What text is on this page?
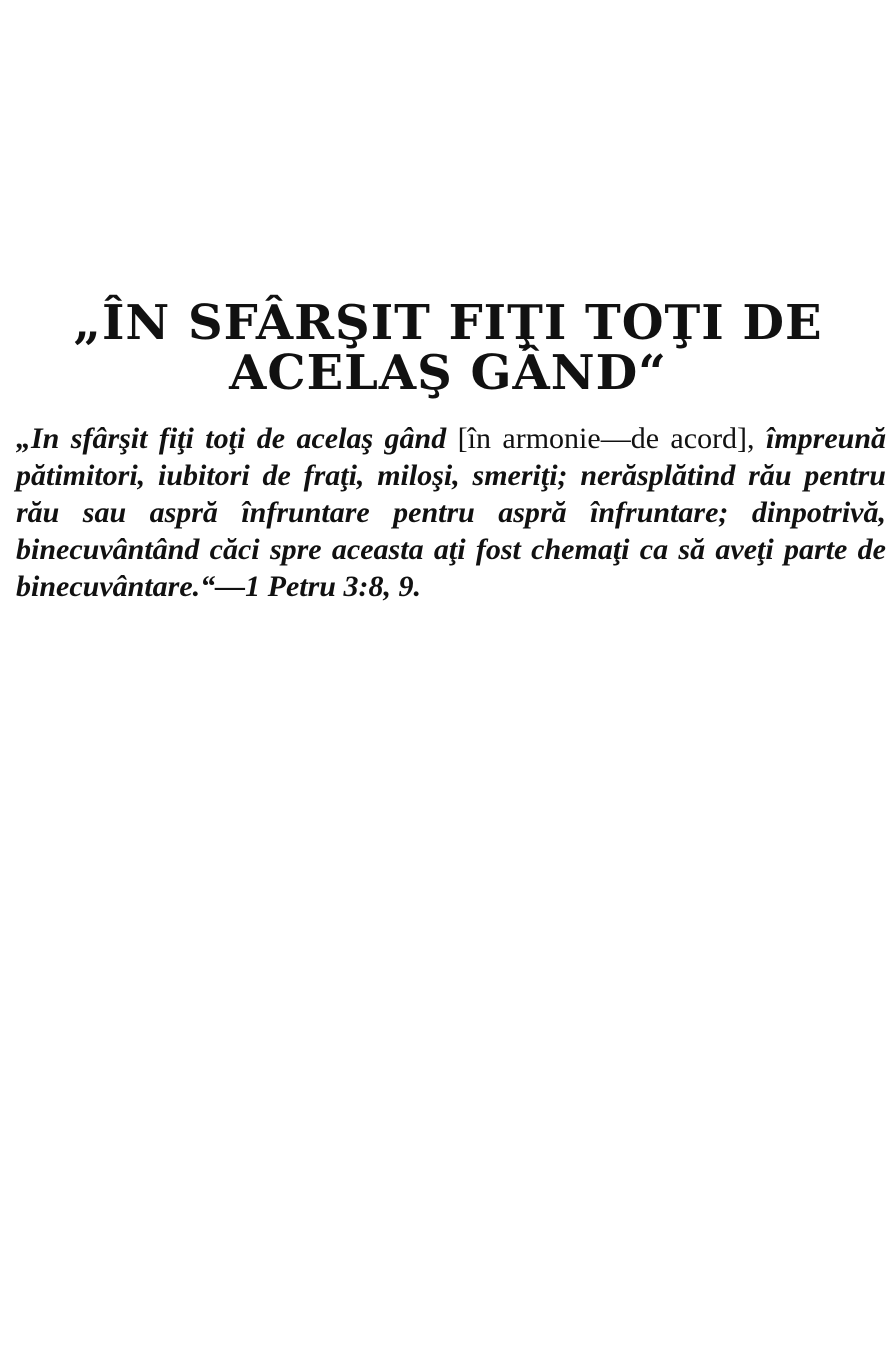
„ÎN SFÂRŞIT FIŢI TOŢI DE
ACELAŞ GÂND“

„In sfârşit fiţi toţi de acelaş gând [în armonie—de acord], împreună pătimitori, iubitori de fraţi, miloşi, smeriţi; nerăsplătind rău pentru rău sau aspră înfruntare pentru aspră înfruntare; dinpotrivă, binecuvântând căci spre aceasta aţi fost chemaţi ca să aveţi parte de binecuvântare.“—1 Petru 3:8, 9.
